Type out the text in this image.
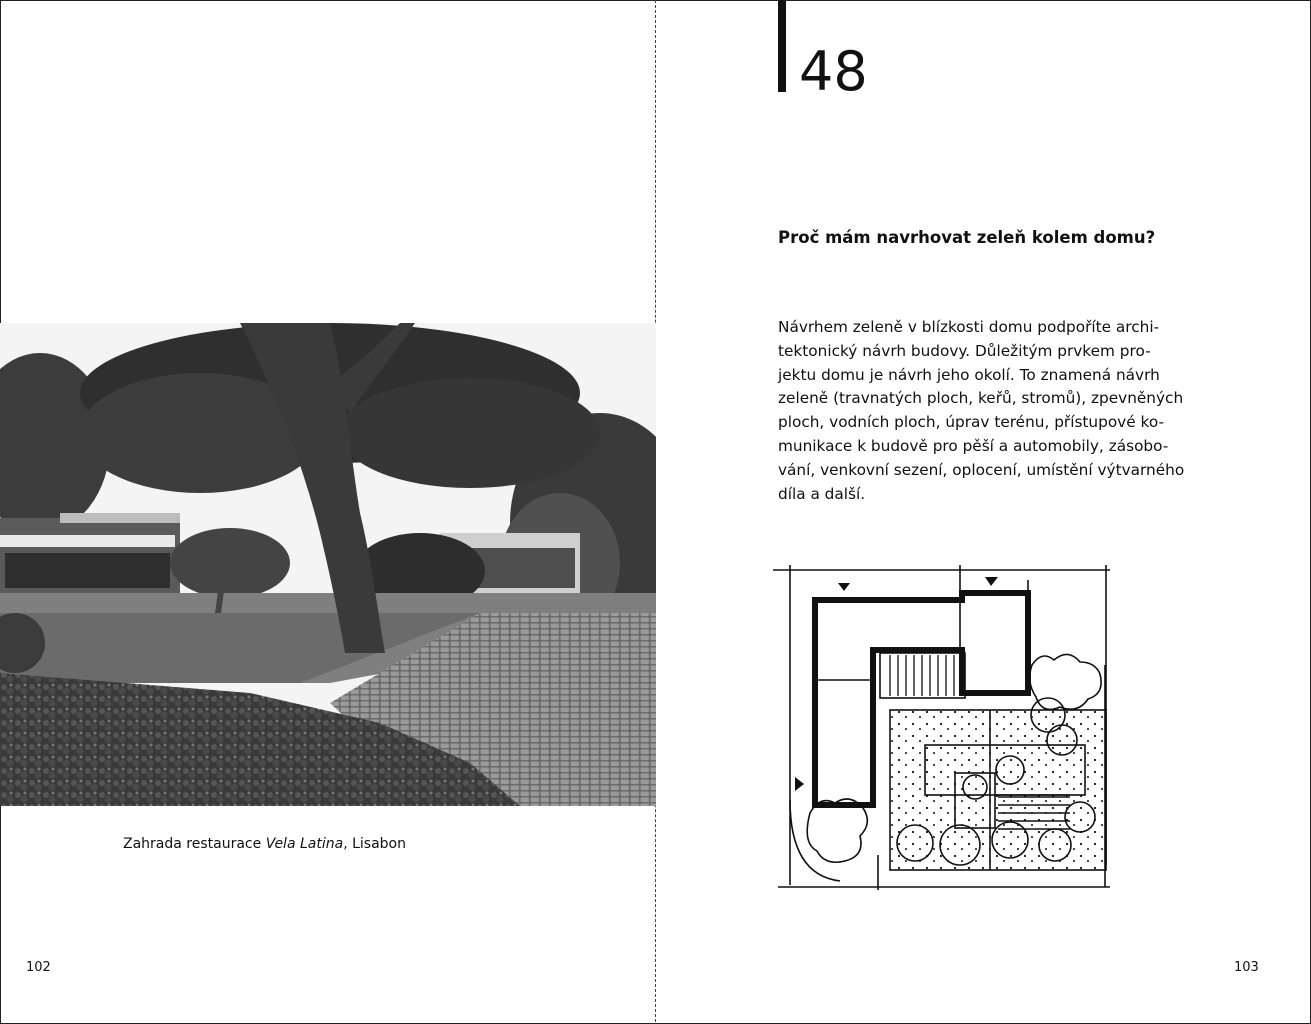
Zahrada restaurace Vela Latina, Lisabon
102
48
Proč mám navrhovat zeleň kolem domu?

Návrhem zeleně v blízkosti domu podpoříte archi-
tektonický návrh budovy. Důležitým prvkem pro-
jektu domu je návrh jeho okolí. To znamená návrh
zeleně (travnatých ploch, keřů, stromů), zpevněných
ploch, vodních ploch, úprav terénu, přístupové ko-
munikace k budově pro pěší a automobily, zásobo-
vání, venkovní sezení, oplocení, umístění výtvarného
díla a další.

103
